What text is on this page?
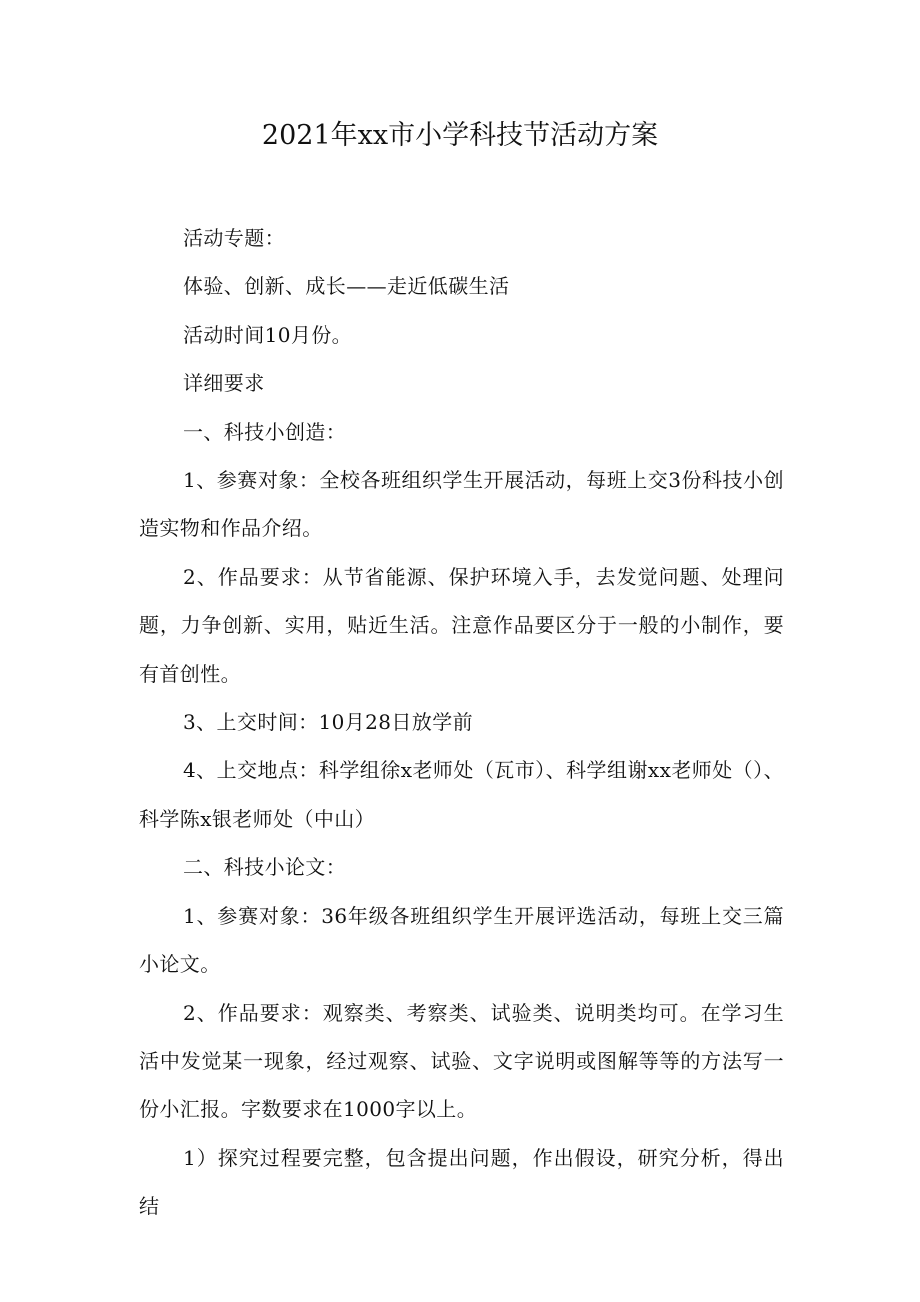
2021年xx市小学科技节活动方案

活动专题：

体验、创新、成长——走近低碳生活

活动时间10月份。

详细要求

一、科技小创造：

1、参赛对象：全校各班组织学生开展活动，每班上交3份科技小创造实物和作品介绍。

2、作品要求：从节省能源、保护环境入手，去发觉问题、处理问题，力争创新、实用，贴近生活。注意作品要区分于一般的小制作，要有首创性。

3、上交时间：10月28日放学前

4、上交地点：科学组徐x老师处（瓦市）、科学组谢xx老师处（）、科学陈x银老师处（中山）

二、科技小论文：

1、参赛对象：36年级各班组织学生开展评选活动，每班上交三篇小论文。

2、作品要求：观察类、考察类、试验类、说明类均可。在学习生活中发觉某一现象，经过观察、试验、文字说明或图解等等的方法写一份小汇报。字数要求在1000字以上。

1）探究过程要完整，包含提出问题，作出假设，研究分析，得出结
